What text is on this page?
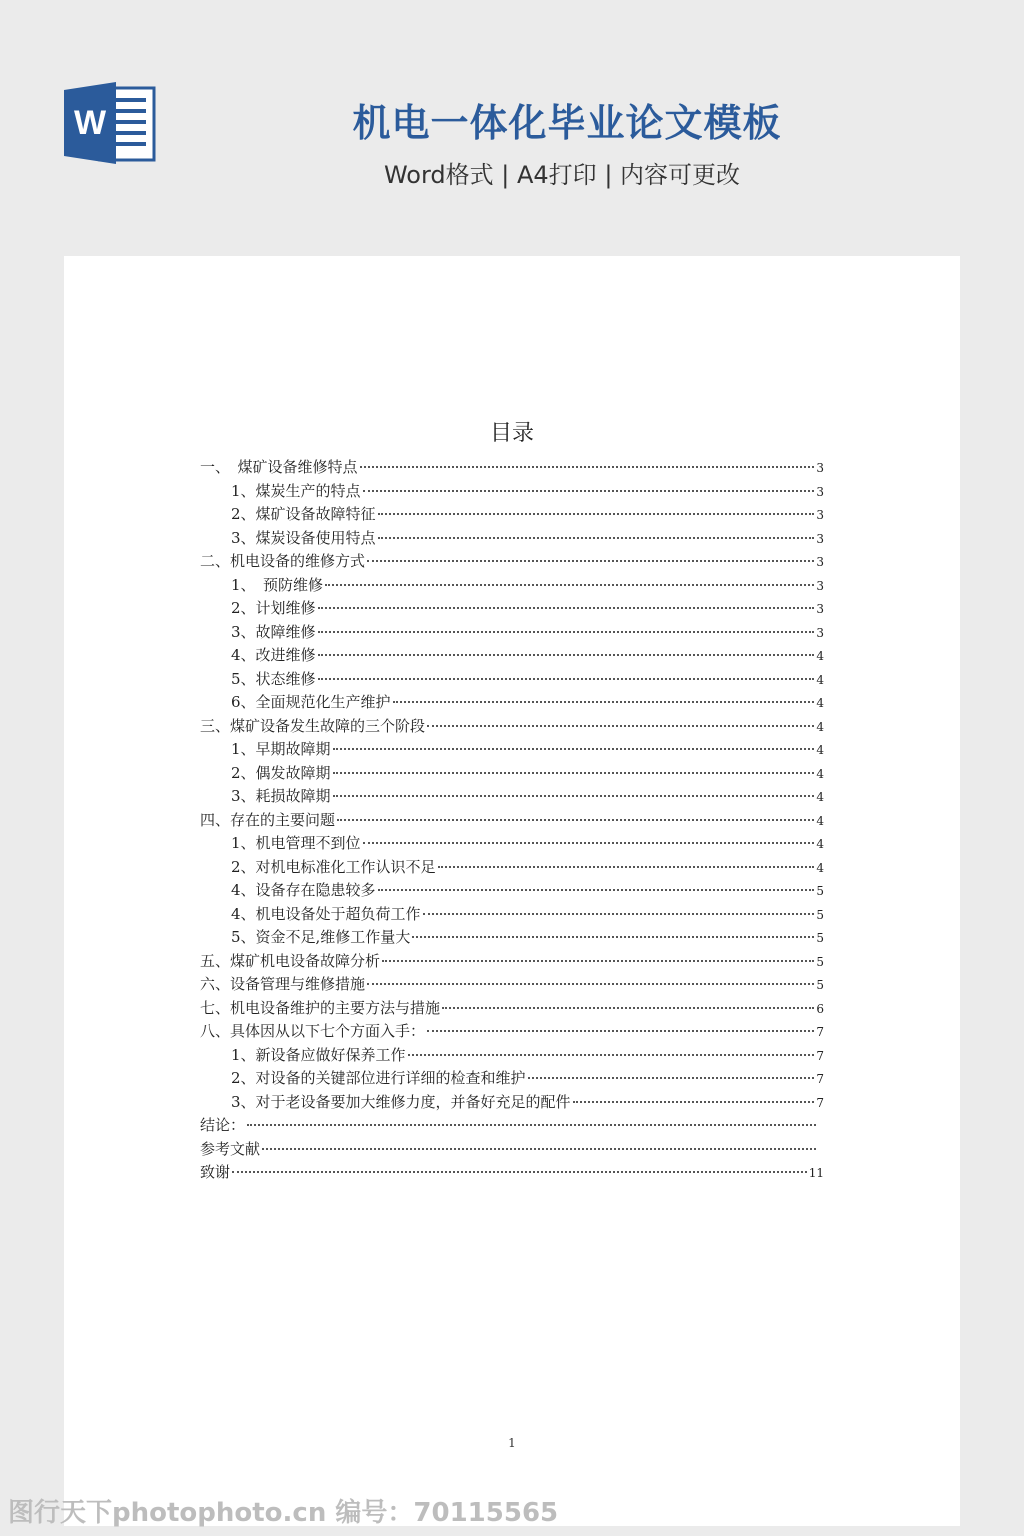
W	机电一体化毕业论文模板
Word格式 | A4打印 | 内容可更改
目录
一、　煤矿设备维修特点	3
1、煤炭生产的特点	3
2、煤矿设备故障特征	3
3、煤炭设备使用特点	3
二、机电设备的维修方式	3
1、　预防维修	3
2、计划维修	3
3、故障维修	3
4、改进维修	4
5、状态维修	4
6、全面规范化生产维护	4
三、煤矿设备发生故障的三个阶段	4
1、早期故障期	4
2、偶发故障期	4
3、耗损故障期	4
四、存在的主要问题	4
1、机电管理不到位	4
2、对机电标准化工作认识不足	4
4、设备存在隐患较多	5
4、机电设备处于超负荷工作	5
5、资金不足,维修工作量大	5
五、煤矿机电设备故障分析	5
六、设备管理与维修措施	5
七、机电设备维护的主要方法与措施	6
八、具体因从以下七个方面入手：	7
1、新设备应做好保养工作	7
2、对设备的关键部位进行详细的检查和维护	7
3、对于老设备要加大维修力度，并备好充足的配件	7
结论：
参考文献
致谢	11
1
图行天下photophoto.cn 编号：70115565
